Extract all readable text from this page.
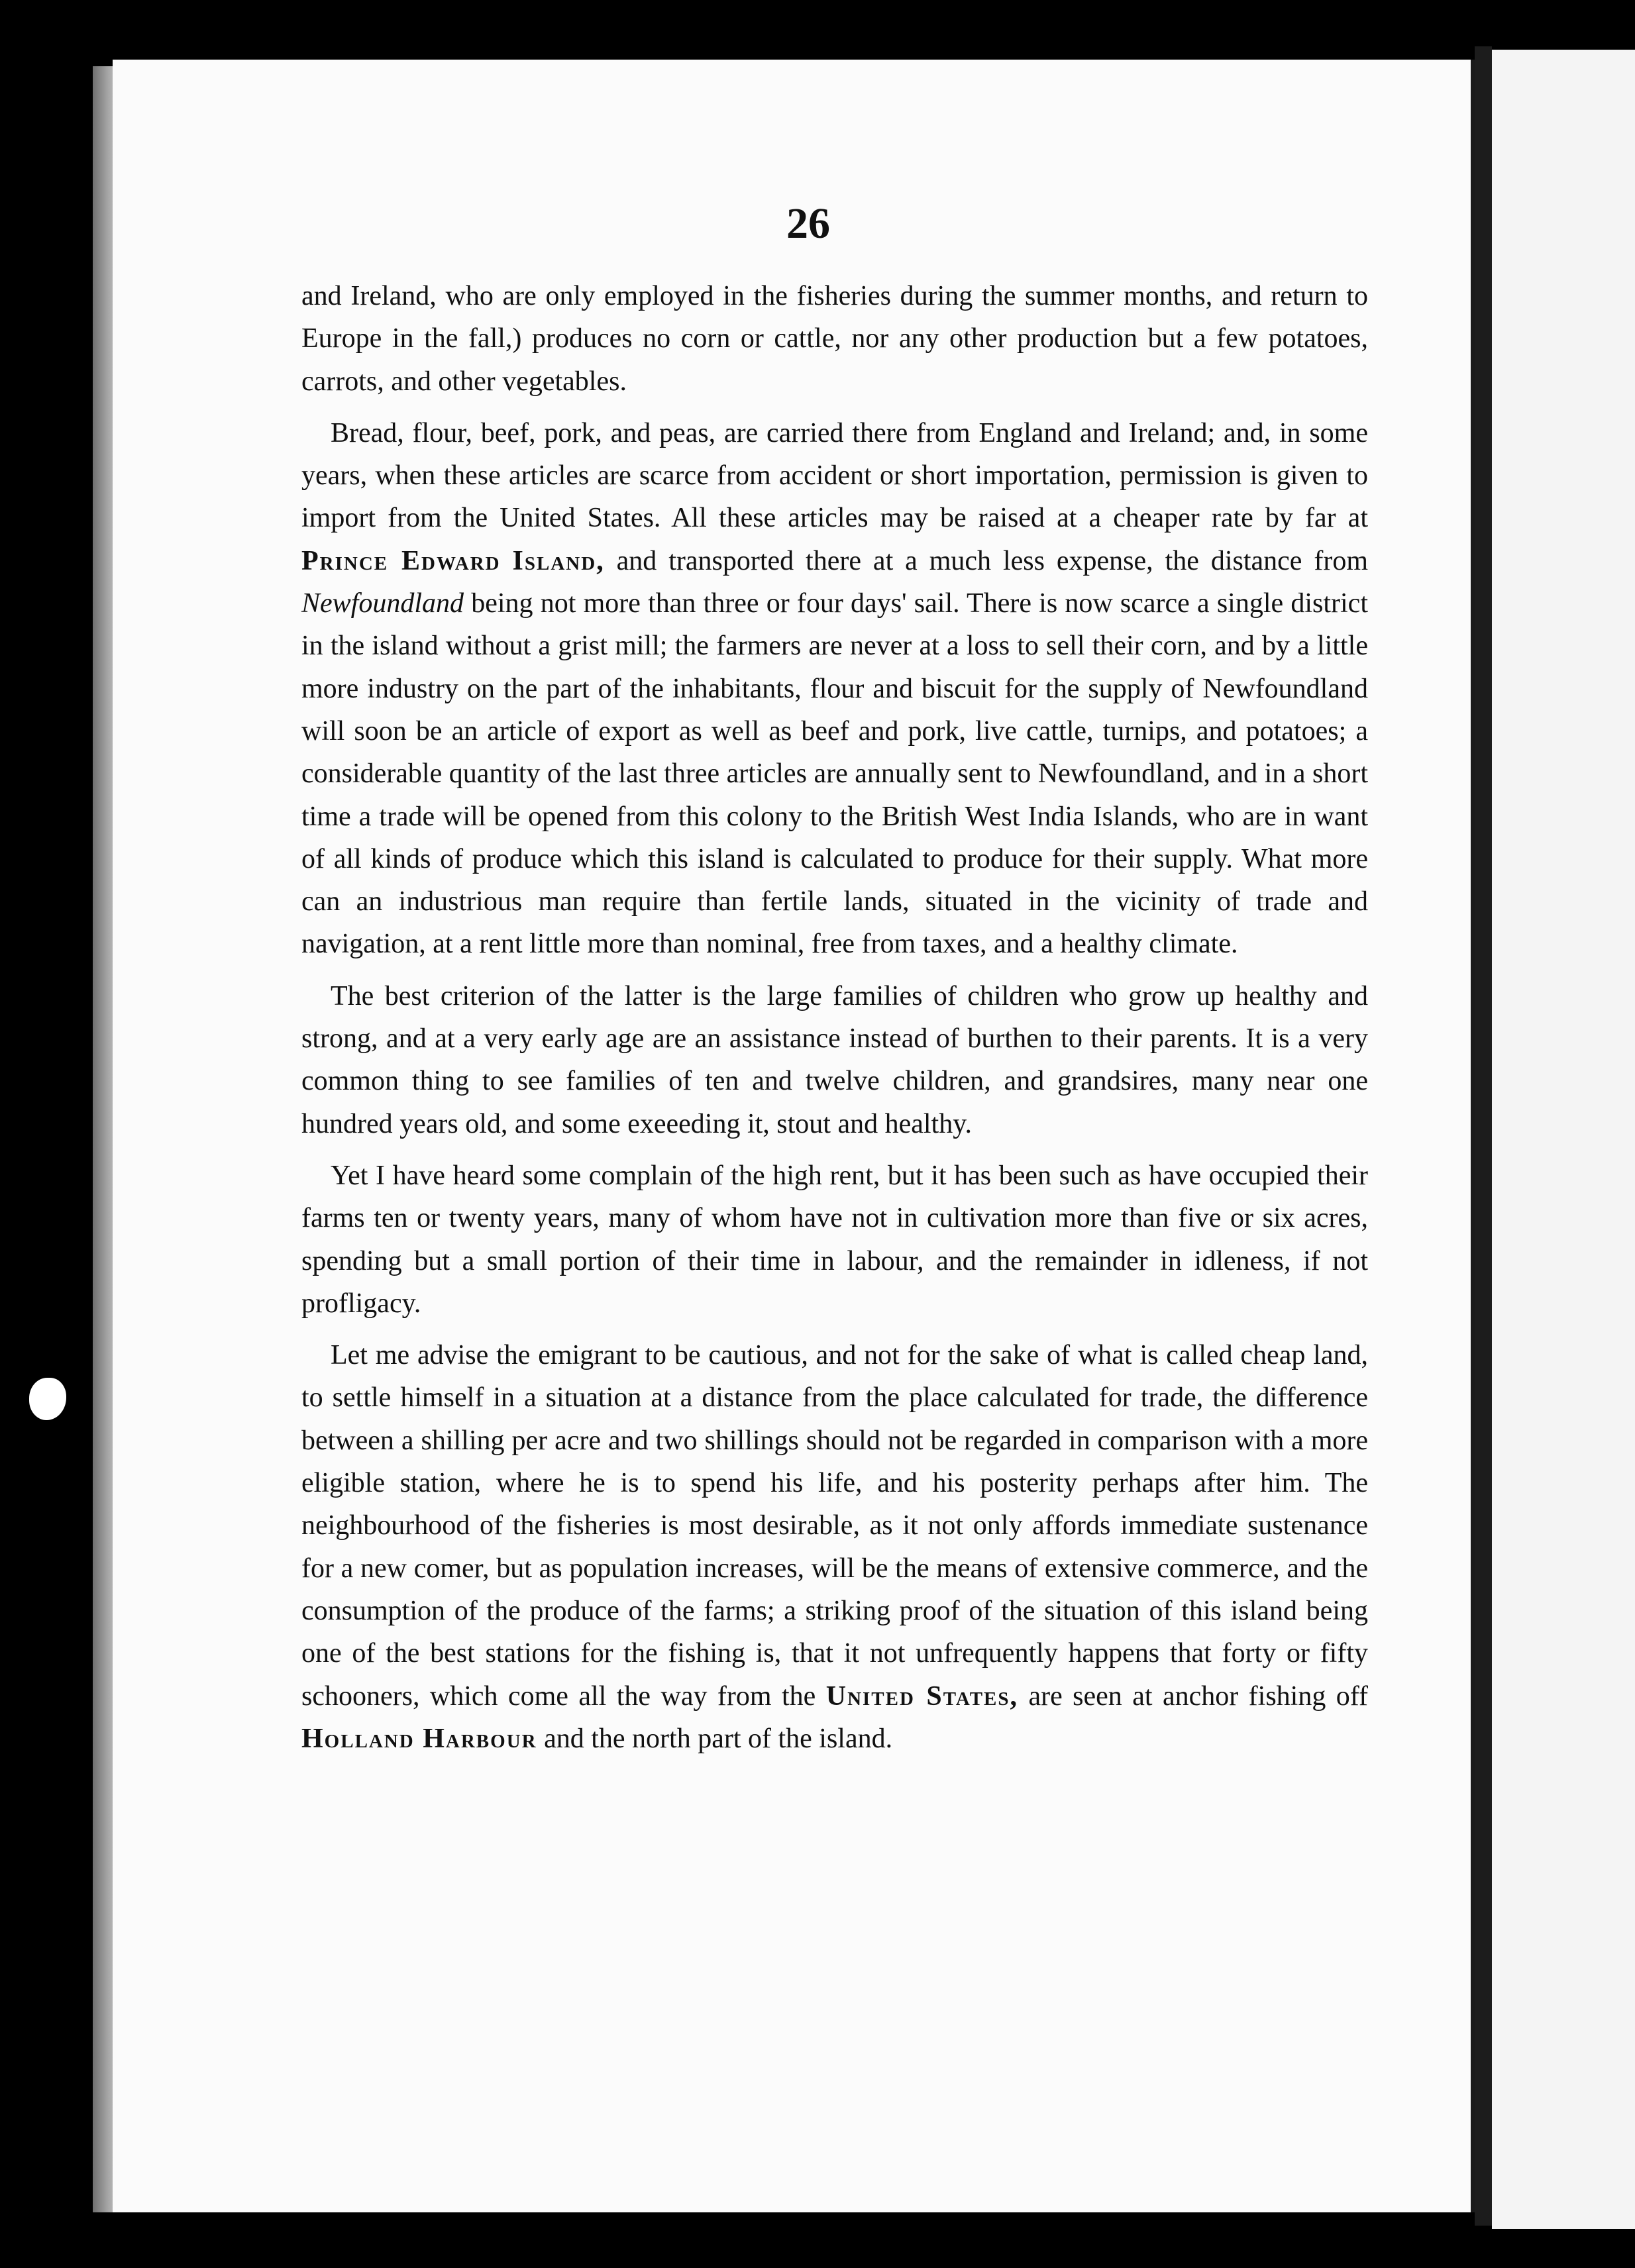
26

and Ireland, who are only employed in the fisheries during the summer months, and return to Europe in the fall,) produces no corn or cattle, nor any other production but a few potatoes, carrots, and other vegetables.

Bread, flour, beef, pork, and peas, are carried there from England and Ireland; and, in some years, when these articles are scarce from accident or short importation, permission is given to import from the United States. All these articles may be raised at a cheaper rate by far at Prince Edward Island, and transported there at a much less expense, the distance from Newfoundland being not more than three or four days' sail. There is now scarce a single district in the island without a grist mill; the farmers are never at a loss to sell their corn, and by a little more industry on the part of the inhabitants, flour and biscuit for the supply of Newfoundland will soon be an article of export as well as beef and pork, live cattle, turnips, and potatoes; a considerable quantity of the last three articles are annually sent to Newfoundland, and in a short time a trade will be opened from this colony to the British West India Islands, who are in want of all kinds of produce which this island is calculated to produce for their supply. What more can an industrious man require than fertile lands, situated in the vicinity of trade and navigation, at a rent little more than nominal, free from taxes, and a healthy climate.

The best criterion of the latter is the large families of children who grow up healthy and strong, and at a very early age are an assistance instead of burthen to their parents. It is a very common thing to see families of ten and twelve children, and grandsires, many near one hundred years old, and some exeeeding it, stout and healthy.

Yet I have heard some complain of the high rent, but it has been such as have occupied their farms ten or twenty years, many of whom have not in cultivation more than five or six acres, spending but a small portion of their time in labour, and the remainder in idleness, if not profligacy.

Let me advise the emigrant to be cautious, and not for the sake of what is called cheap land, to settle himself in a situation at a distance from the place calculated for trade, the difference between a shilling per acre and two shillings should not be regarded in comparison with a more eligible station, where he is to spend his life, and his posterity perhaps after him. The neighbourhood of the fisheries is most desirable, as it not only affords immediate sustenance for a new comer, but as population increases, will be the means of extensive commerce, and the consumption of the produce of the farms; a striking proof of the situation of this island being one of the best stations for the fishing is, that it not unfrequently happens that forty or fifty schooners, which come all the way from the United States, are seen at anchor fishing off Holland Harbour and the north part of the island.
